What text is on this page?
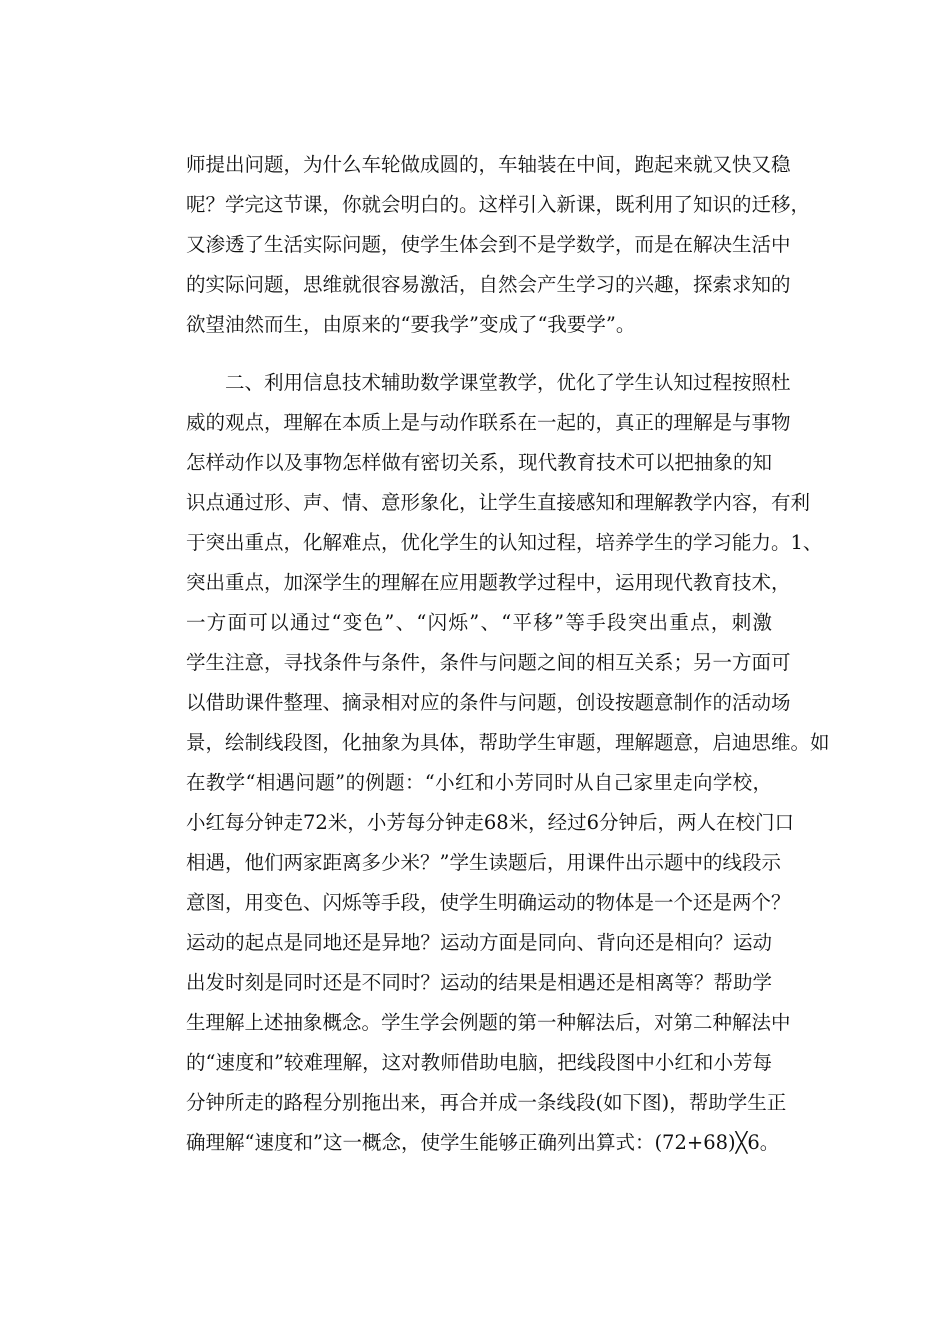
师提出问题，为什么车轮做成圆的，车轴装在中间，跑起来就又快又稳
呢？学完这节课，你就会明白的。这样引入新课，既利用了知识的迁移，
又渗透了生活实际问题，使学生体会到不是学数学，而是在解决生活中
的实际问题，思维就很容易激活，自然会产生学习的兴趣，探索求知的
欲望油然而生，由原来的“要我学”变成了“我要学”。
二、利用信息技术辅助数学课堂教学，优化了学生认知过程按照杜
威的观点，理解在本质上是与动作联系在一起的，真正的理解是与事物
怎样动作以及事物怎样做有密切关系，现代教育技术可以把抽象的知
识点通过形、声、情、意形象化，让学生直接感知和理解教学内容，有利
于突出重点，化解难点，优化学生的认知过程，培养学生的学习能力。1、
突出重点，加深学生的理解在应用题教学过程中，运用现代教育技术，
一方面可以通过“变色”、“闪烁”、“平移”等手段突出重点，刺激
学生注意，寻找条件与条件，条件与问题之间的相互关系；另一方面可
以借助课件整理、摘录相对应的条件与问题，创设按题意制作的活动场
景，绘制线段图，化抽象为具体，帮助学生审题，理解题意，启迪思维。如
在教学“相遇问题”的例题：“小红和小芳同时从自己家里走向学校，
小红每分钟走72米，小芳每分钟走68米，经过6分钟后，两人在校门口
相遇，他们两家距离多少米？”学生读题后，用课件出示题中的线段示
意图，用变色、闪烁等手段，使学生明确运动的物体是一个还是两个？
运动的起点是同地还是异地？运动方面是同向、背向还是相向？运动
出发时刻是同时还是不同时？运动的结果是相遇还是相离等？帮助学
生理解上述抽象概念。学生学会例题的第一种解法后，对第二种解法中
的“速度和”较难理解，这对教师借助电脑，把线段图中小红和小芳每
分钟所走的路程分别拖出来，再合并成一条线段(如下图)，帮助学生正
确理解“速度和”这一概念，使学生能够正确列出算式：(72+68)╳6。
